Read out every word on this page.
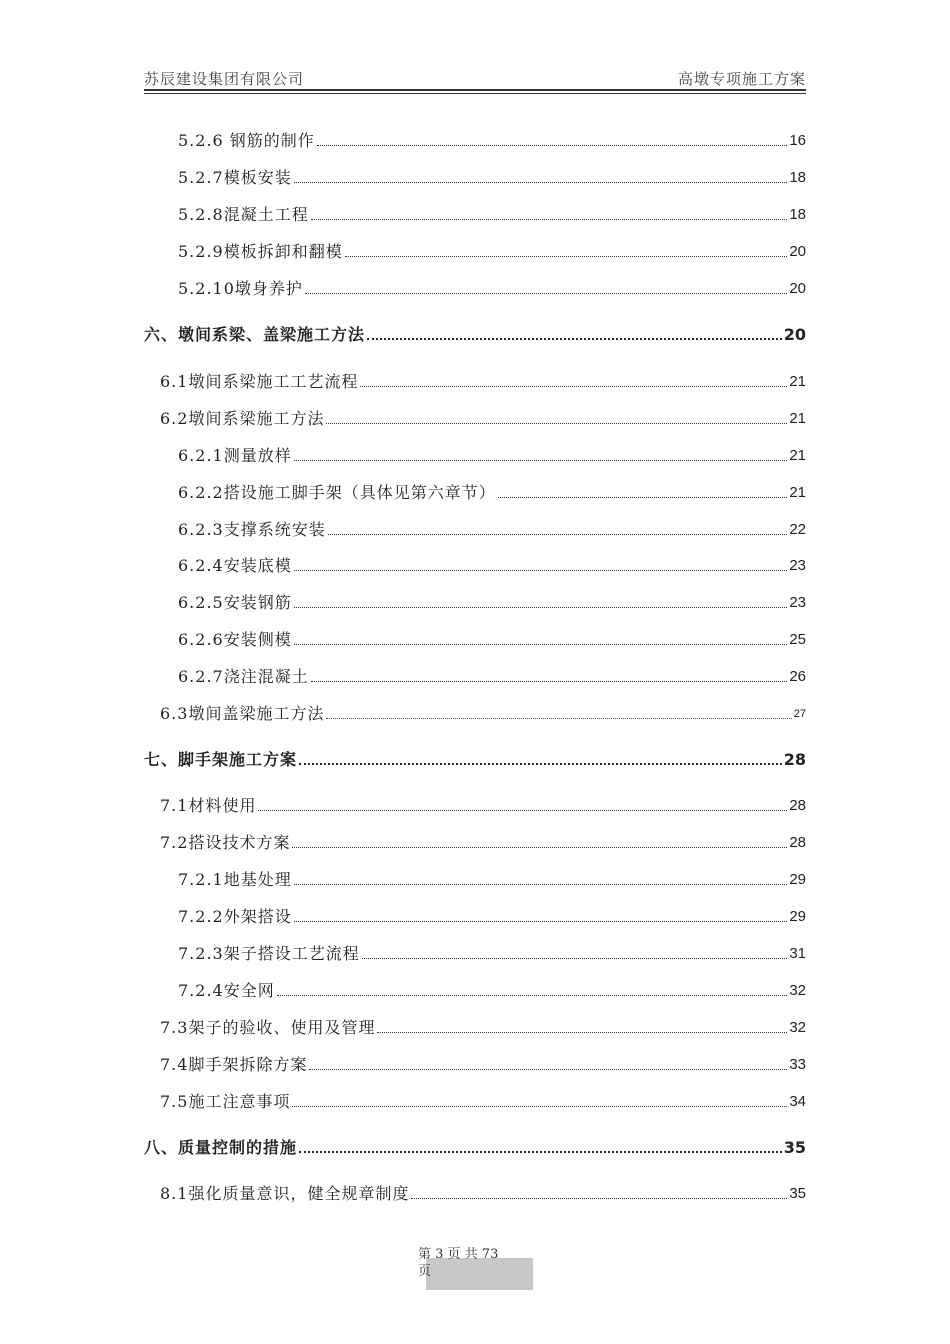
苏辰建设集团有限公司	高墩专项施工方案
5.2.6 钢筋的制作	16
5.2.7模板安装	18
5.2.8混凝土工程	18
5.2.9模板拆卸和翻模	20
5.2.10墩身养护	20
六、墩间系梁、盖梁施工方法	20
6.1墩间系梁施工工艺流程	21
6.2墩间系梁施工方法	21
6.2.1测量放样	21
6.2.2搭设施工脚手架（具体见第六章节）	21
6.2.3支撑系统安装	22
6.2.4安装底模	23
6.2.5安装钢筋	23
6.2.6安装侧模	25
6.2.7浇注混凝土	26
6.3墩间盖梁施工方法	27
七、脚手架施工方案	28
7.1材料使用	28
7.2搭设技术方案	28
7.2.1地基处理	29
7.2.2外架搭设	29
7.2.3架子搭设工艺流程	31
7.2.4安全网	32
7.3架子的验收、使用及管理	32
7.4脚手架拆除方案	33
7.5施工注意事项	34
八、质量控制的措施	35
8.1强化质量意识，健全规章制度	35
第 3 页 共 73
页
